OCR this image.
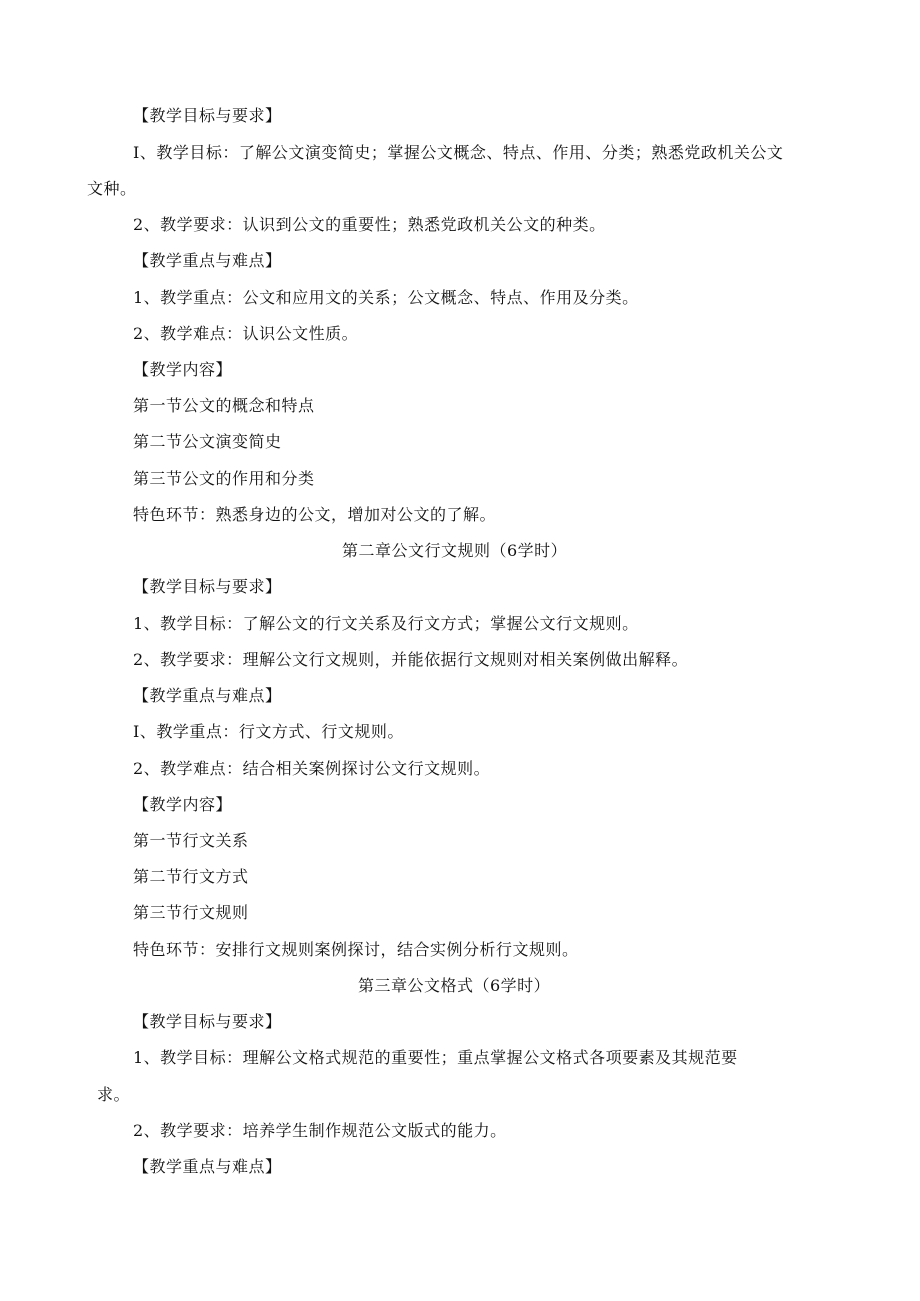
【教学目标与要求】
Ⅰ、教学目标：了解公文演变简史；掌握公文概念、特点、作用、分类；熟悉党政机关公文
文种。
2、教学要求：认识到公文的重要性；熟悉党政机关公文的种类。
【教学重点与难点】
1、教学重点：公文和应用文的关系；公文概念、特点、作用及分类。
2、教学难点：认识公文性质。
【教学内容】
第一节公文的概念和特点
第二节公文演变简史
第三节公文的作用和分类
特色环节：熟悉身边的公文，增加对公文的了解。
第二章公文行文规则（6学时）
【教学目标与要求】
1、教学目标：了解公文的行文关系及行文方式；掌握公文行文规则。
2、教学要求：理解公文行文规则，并能依据行文规则对相关案例做出解释。
【教学重点与难点】
I、教学重点：行文方式、行文规则。
2、教学难点：结合相关案例探讨公文行文规则。
【教学内容】
第一节行文关系
第二节行文方式
第三节行文规则
特色环节：安排行文规则案例探讨，结合实例分析行文规则。
第三章公文格式（6学时）
【教学目标与要求】
1、教学目标：理解公文格式规范的重要性；重点掌握公文格式各项要素及其规范要
求。
2、教学要求：培养学生制作规范公文版式的能力。
【教学重点与难点】
